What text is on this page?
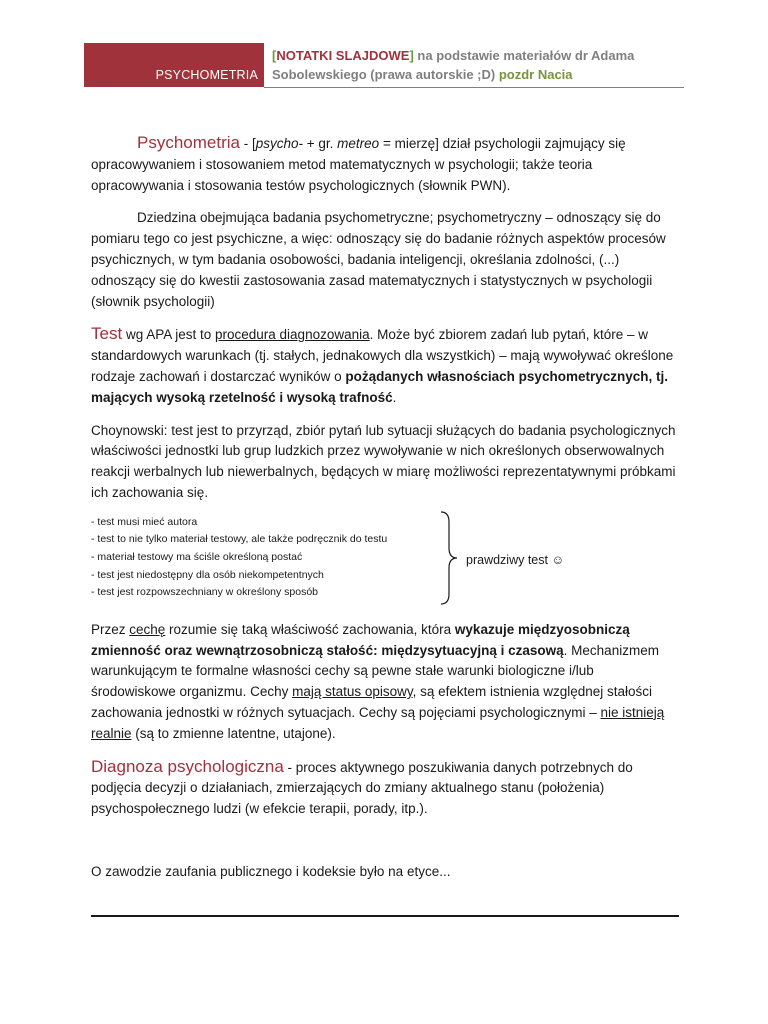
PSYCHOMETRIA
[NOTATKI SLAJDOWE] na podstawie materiałów dr Adama Sobolewskiego (prawa autorskie ;D) pozdr Nacia

Psychometria - [psycho- + gr. metreo = mierzę] dział psychologii zajmujący się opracowywaniem i stosowaniem metod matematycznych w psychologii; także teoria opracowywania i stosowania testów psychologicznych (słownik PWN).

Dziedzina obejmująca badania psychometryczne; psychometryczny – odnoszący się do pomiaru tego co jest psychiczne, a więc: odnoszący się do badanie różnych aspektów procesów psychicznych, w tym badania osobowości, badania inteligencji, określania zdolności, (...) odnoszący się do kwestii zastosowania zasad matematycznych i statystycznych w psychologii (słownik psychologii)

Test wg APA jest to procedura diagnozowania. Może być zbiorem zadań lub pytań, które – w standardowych warunkach (tj. stałych, jednakowych dla wszystkich) – mają wywoływać określone rodzaje zachowań i dostarczać wyników o pożądanych własnościach psychometrycznych, tj. mających wysoką rzetelność i wysoką trafność.

Choynowski: test jest to przyrząd, zbiór pytań lub sytuacji służących do badania psychologicznych właściwości jednostki lub grup ludzkich przez wywoływanie w nich określonych obserwowalnych reakcji werbalnych lub niewerbalnych, będących w miarę możliwości reprezentatywnymi próbkami ich zachowania się.

- test musi mieć autora
- test to nie tylko materiał testowy, ale także podręcznik do testu
- materiał testowy ma ściśle określoną postać
- test jest niedostępny dla osób niekompetentnych
- test jest rozpowszechniany w określony sposób
prawdziwy test ☺

Przez cechę rozumie się taką właściwość zachowania, która wykazuje międzyosobniczą zmienność oraz wewnątrzosobniczą stałość: międzysytuacyjną i czasową. Mechanizmem warunkującym te formalne własności cechy są pewne stałe warunki biologiczne i/lub środowiskowe organizmu. Cechy mają status opisowy, są efektem istnienia względnej stałości zachowania jednostki w różnych sytuacjach. Cechy są pojęciami psychologicznymi – nie istnieją realnie (są to zmienne latentne, utajone).

Diagnoza psychologiczna - proces aktywnego poszukiwania danych potrzebnych do podjęcia decyzji o działaniach, zmierzających do zmiany aktualnego stanu (położenia) psychospołecznego ludzi (w efekcie terapii, porady, itp.).

O zawodzie zaufania publicznego i kodeksie było na etyce...
